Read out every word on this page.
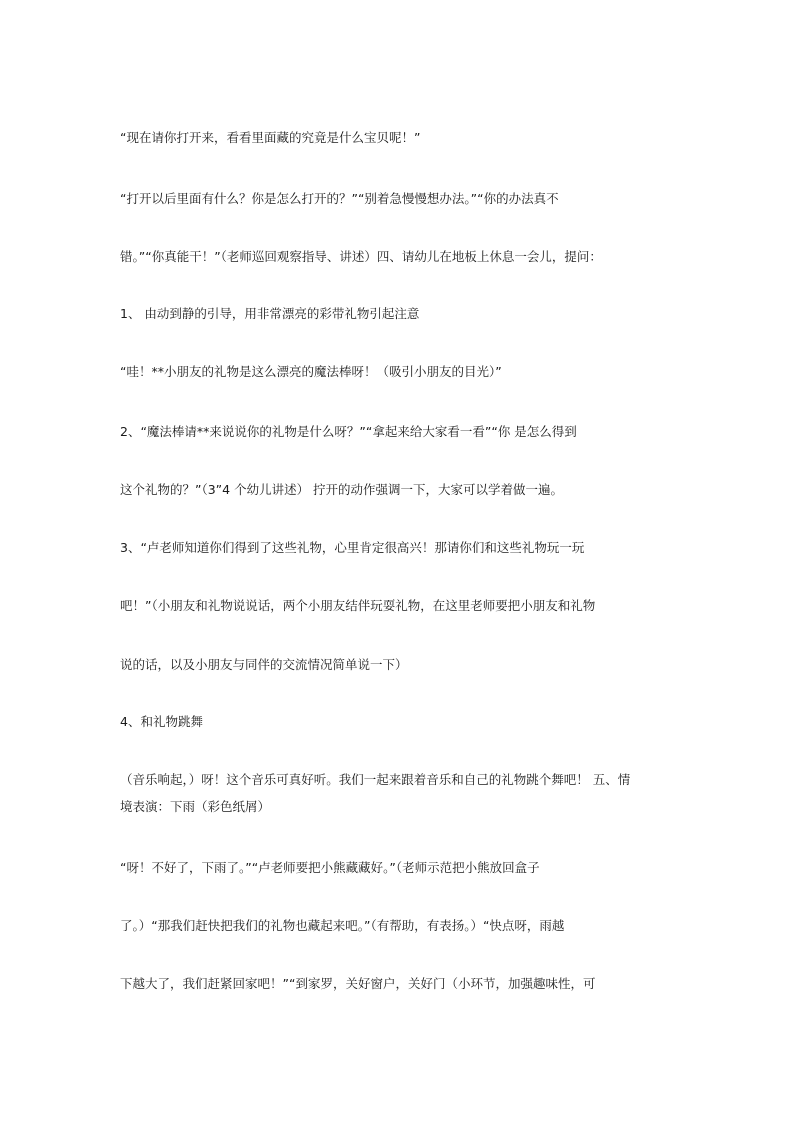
“现在请你打开来，看看里面藏的究竟是什么宝贝呢！”
“打开以后里面有什么？你是怎么打开的？”“别着急慢慢想办法。”“你的办法真不
错。”“你真能干！”（老师巡回观察指导、讲述）四、请幼儿在地板上休息一会儿，提问：
1、 由动到静的引导，用非常漂亮的彩带礼物引起注意
“哇！**小朋友的礼物是这么漂亮的魔法棒呀！（吸引小朋友的目光）”
2、“魔法棒请**来说说你的礼物是什么呀？”“拿起来给大家看一看”“你 是怎么得到
这个礼物的？”（3”4 个幼儿讲述） 拧开的动作强调一下，大家可以学着做一遍。
3、“卢老师知道你们得到了这些礼物，心里肯定很高兴！那请你们和这些礼物玩一玩
吧！”（小朋友和礼物说说话，两个小朋友结伴玩耍礼物，在这里老师要把小朋友和礼物
说的话，以及小朋友与同伴的交流情况简单说一下）
4、和礼物跳舞
（音乐响起，）呀！这个音乐可真好听。我们一起来跟着音乐和自己的礼物跳个舞吧！ 五、情
境表演：下雨（彩色纸屑）
“呀！不好了，下雨了。”“卢老师要把小熊藏藏好。”（老师示范把小熊放回盒子
了。）“那我们赶快把我们的礼物也藏起来吧。”（有帮助，有表扬。）“快点呀，雨越
下越大了，我们赶紧回家吧！”“到家罗，关好窗户，关好门（小环节，加强趣味性，可
